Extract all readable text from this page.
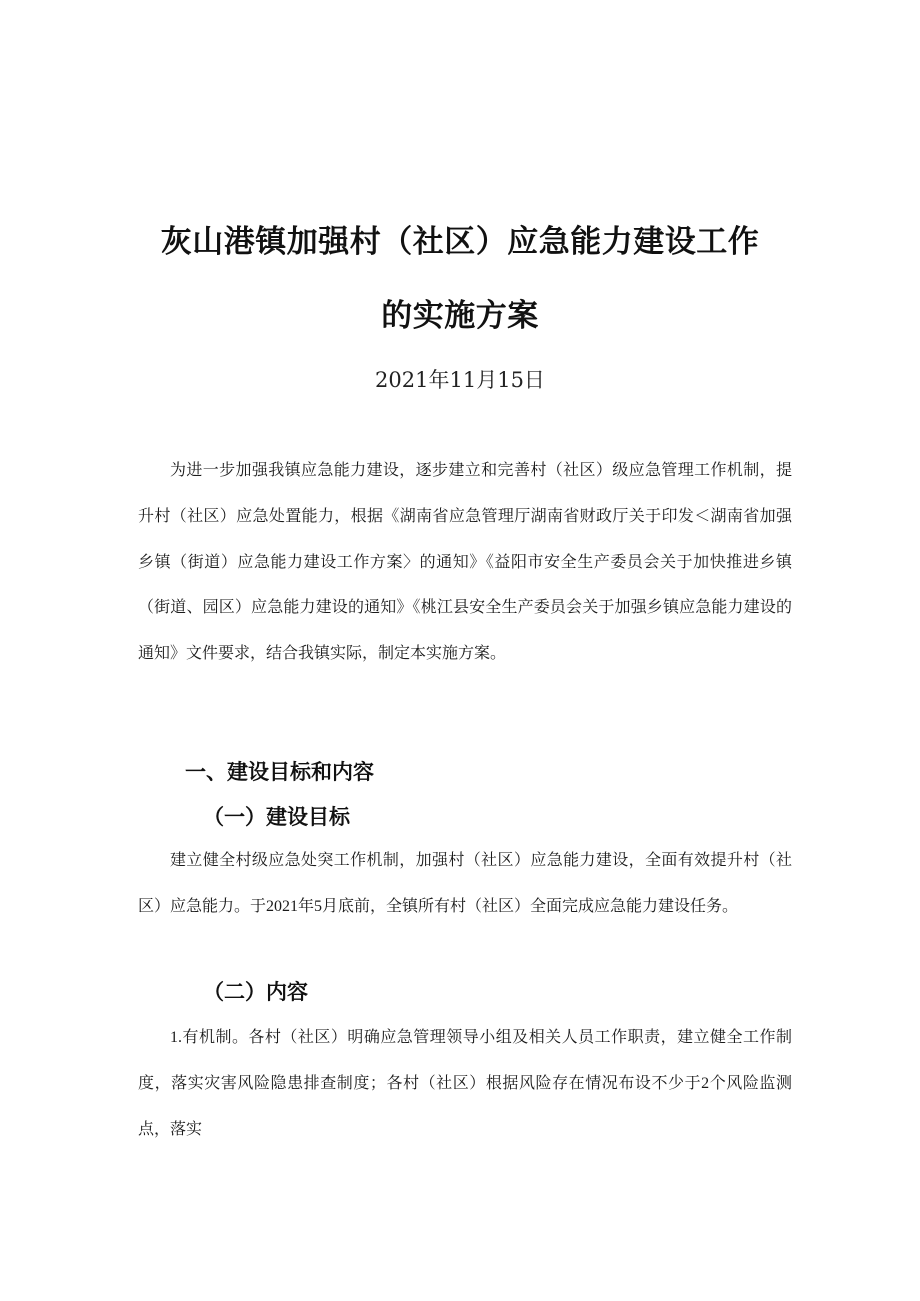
灰山港镇加强村（社区）应急能力建设工作
的实施方案
2021年11月15日

为进一步加强我镇应急能力建设，逐步建立和完善村（社区）级应急管理工作机制，提升村（社区）应急处置能力，根据《湖南省应急管理厅湖南省财政厅关于印发＜湖南省加强乡镇（街道）应急能力建设工作方案〉的通知》《益阳市安全生产委员会关于加快推进乡镇（街道、园区）应急能力建设的通知》《桃江县安全生产委员会关于加强乡镇应急能力建设的通知》文件要求，结合我镇实际，制定本实施方案。

一、建设目标和内容
（一）建设目标

建立健全村级应急处突工作机制，加强村（社区）应急能力建设，全面有效提升村（社区）应急能力。于2021年5月底前，全镇所有村（社区）全面完成应急能力建设任务。

（二）内容

1.有机制。各村（社区）明确应急管理领导小组及相关人员工作职责，建立健全工作制度，落实灾害风险隐患排查制度；各村（社区）根据风险存在情况布设不少于2个风险监测点，落实
